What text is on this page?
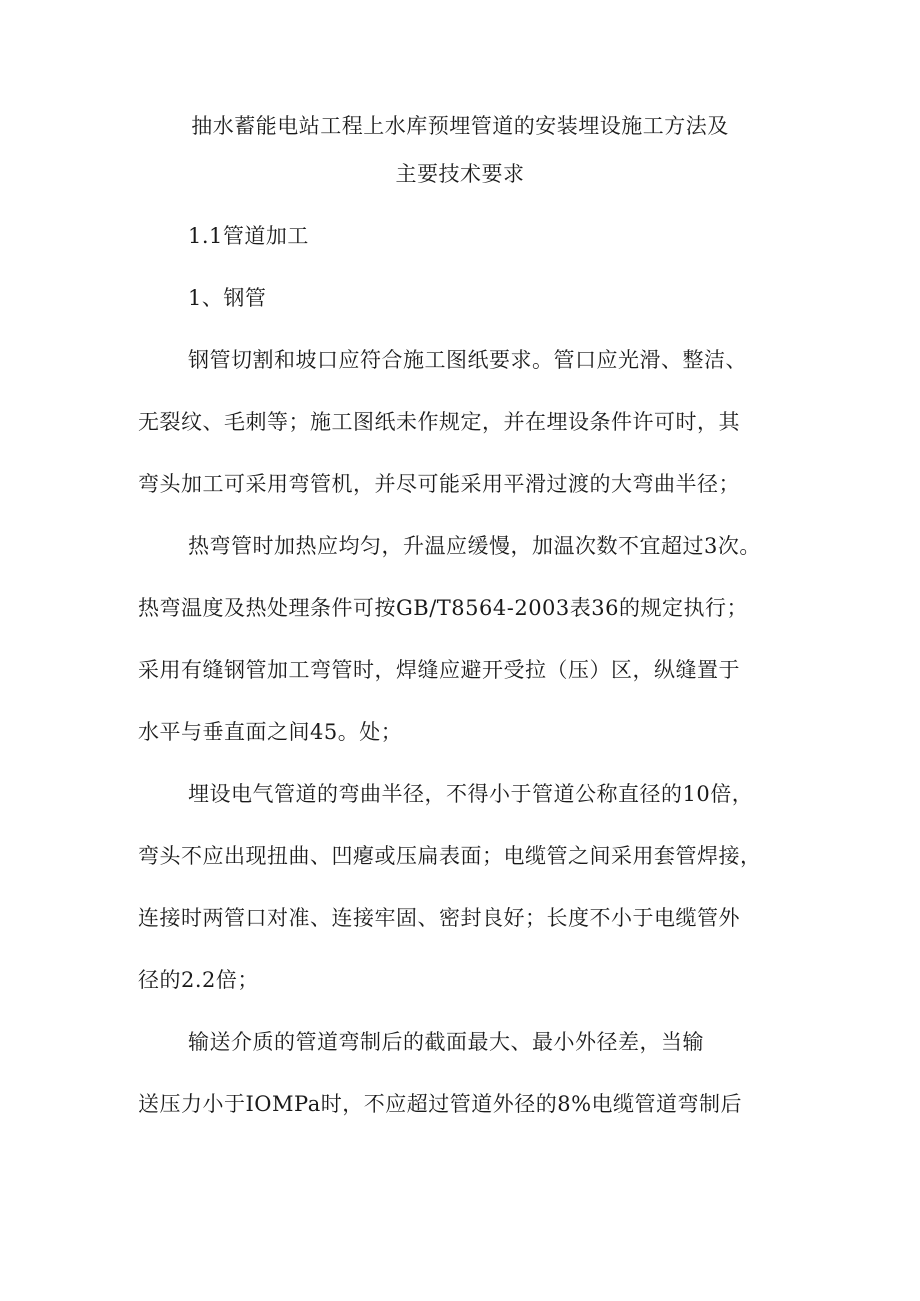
抽水蓄能电站工程上水库预埋管道的安装埋设施工方法及
主要技术要求
1.1管道加工
1、钢管
钢管切割和坡口应符合施工图纸要求。管口应光滑、整洁、
无裂纹、毛刺等；施工图纸未作规定，并在埋设条件许可时，其
弯头加工可采用弯管机，并尽可能采用平滑过渡的大弯曲半径；
热弯管时加热应均匀，升温应缓慢，加温次数不宜超过3次。
热弯温度及热处理条件可按GB/T8564-2003表36的规定执行；
采用有缝钢管加工弯管时，焊缝应避开受拉（压）区，纵缝置于
水平与垂直面之间45。处；
埋设电气管道的弯曲半径，不得小于管道公称直径的10倍，
弯头不应出现扭曲、凹瘪或压扁表面；电缆管之间采用套管焊接，
连接时两管口对准、连接牢固、密封良好；长度不小于电缆管外
径的2.2倍；
输送介质的管道弯制后的截面最大、最小外径差，当输
送压力小于IOMPa时，不应超过管道外径的8%电缆管道弯制后
